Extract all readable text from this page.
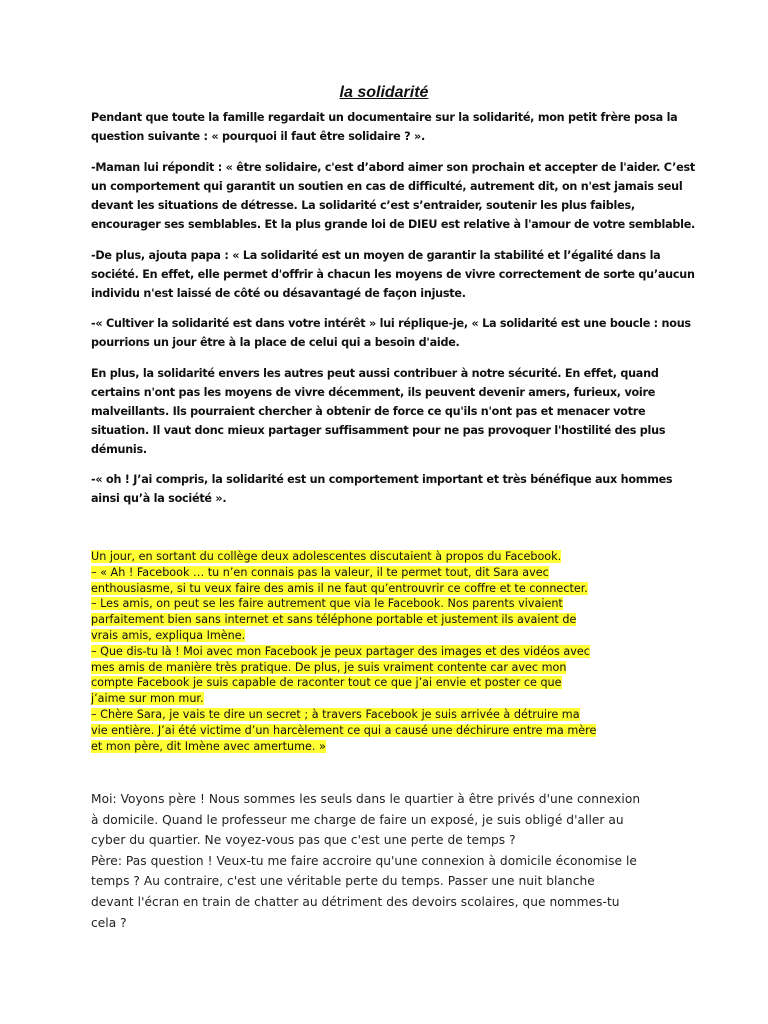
la solidarité
Pendant que toute la famille regardait un documentaire sur la solidarité, mon petit frère posa la
question suivante : « pourquoi il faut être solidaire ? ».
-Maman lui répondit : « être solidaire, c'est d’abord aimer son prochain et accepter de l'aider. C’est
un comportement qui garantit un soutien en cas de difficulté, autrement dit, on n'est jamais seul
devant les situations de détresse. La solidarité c’est s’entraider, soutenir les plus faibles,
encourager ses semblables. Et la plus grande loi de DIEU est relative à l'amour de votre semblable.
-De plus, ajouta papa : « La solidarité est un moyen de garantir la stabilité et l’égalité dans la
société. En effet, elle permet d'offrir à chacun les moyens de vivre correctement de sorte qu’aucun
individu n'est laissé de côté ou désavantagé de façon injuste.
-« Cultiver la solidarité est dans votre intérêt » lui réplique-je, « La solidarité est une boucle : nous
pourrions un jour être à la place de celui qui a besoin d'aide.
En plus, la solidarité envers les autres peut aussi contribuer à notre sécurité. En effet, quand
certains n'ont pas les moyens de vivre décemment, ils peuvent devenir amers, furieux, voire
malveillants. Ils pourraient chercher à obtenir de force ce qu'ils n'ont pas et menacer votre
situation. Il vaut donc mieux partager suffisamment pour ne pas provoquer l'hostilité des plus
démunis.
-« oh ! J’ai compris, la solidarité est un comportement important et très bénéfique aux hommes
ainsi qu’à la société ».
Un jour, en sortant du collège deux adolescentes discutaient à propos du Facebook.
– « Ah ! Facebook … tu n’en connais pas la valeur, il te permet tout, dit Sara avec
enthousiasme, si tu veux faire des amis il ne faut qu’entrouvrir ce coffre et te connecter.
– Les amis, on peut se les faire autrement que via le Facebook. Nos parents vivaient
parfaitement bien sans internet et sans téléphone portable et justement ils avaient de
vrais amis, expliqua Imène.
– Que dis-tu là ! Moi avec mon Facebook je peux partager des images et des vidéos avec
mes amis de manière très pratique. De plus, je suis vraiment contente car avec mon
compte Facebook je suis capable de raconter tout ce que j’ai envie et poster ce que
j’aime sur mon mur.
– Chère Sara, je vais te dire un secret ; à travers Facebook je suis arrivée à détruire ma
vie entière. J’ai été victime d’un harcèlement ce qui a causé une déchirure entre ma mère
et mon père, dit Imène avec amertume. »
Moi: Voyons père ! Nous sommes les seuls dans le quartier à être privés d'une connexion
à domicile. Quand le professeur me charge de faire un exposé, je suis obligé d'aller au
cyber du quartier. Ne voyez-vous pas que c'est une perte de temps ?
Père: Pas question ! Veux-tu me faire accroire qu'une connexion à domicile économise le
temps ? Au contraire, c'est une véritable perte du temps. Passer une nuit blanche
devant l'écran en train de chatter au détriment des devoirs scolaires, que nommes-tu
cela ?
